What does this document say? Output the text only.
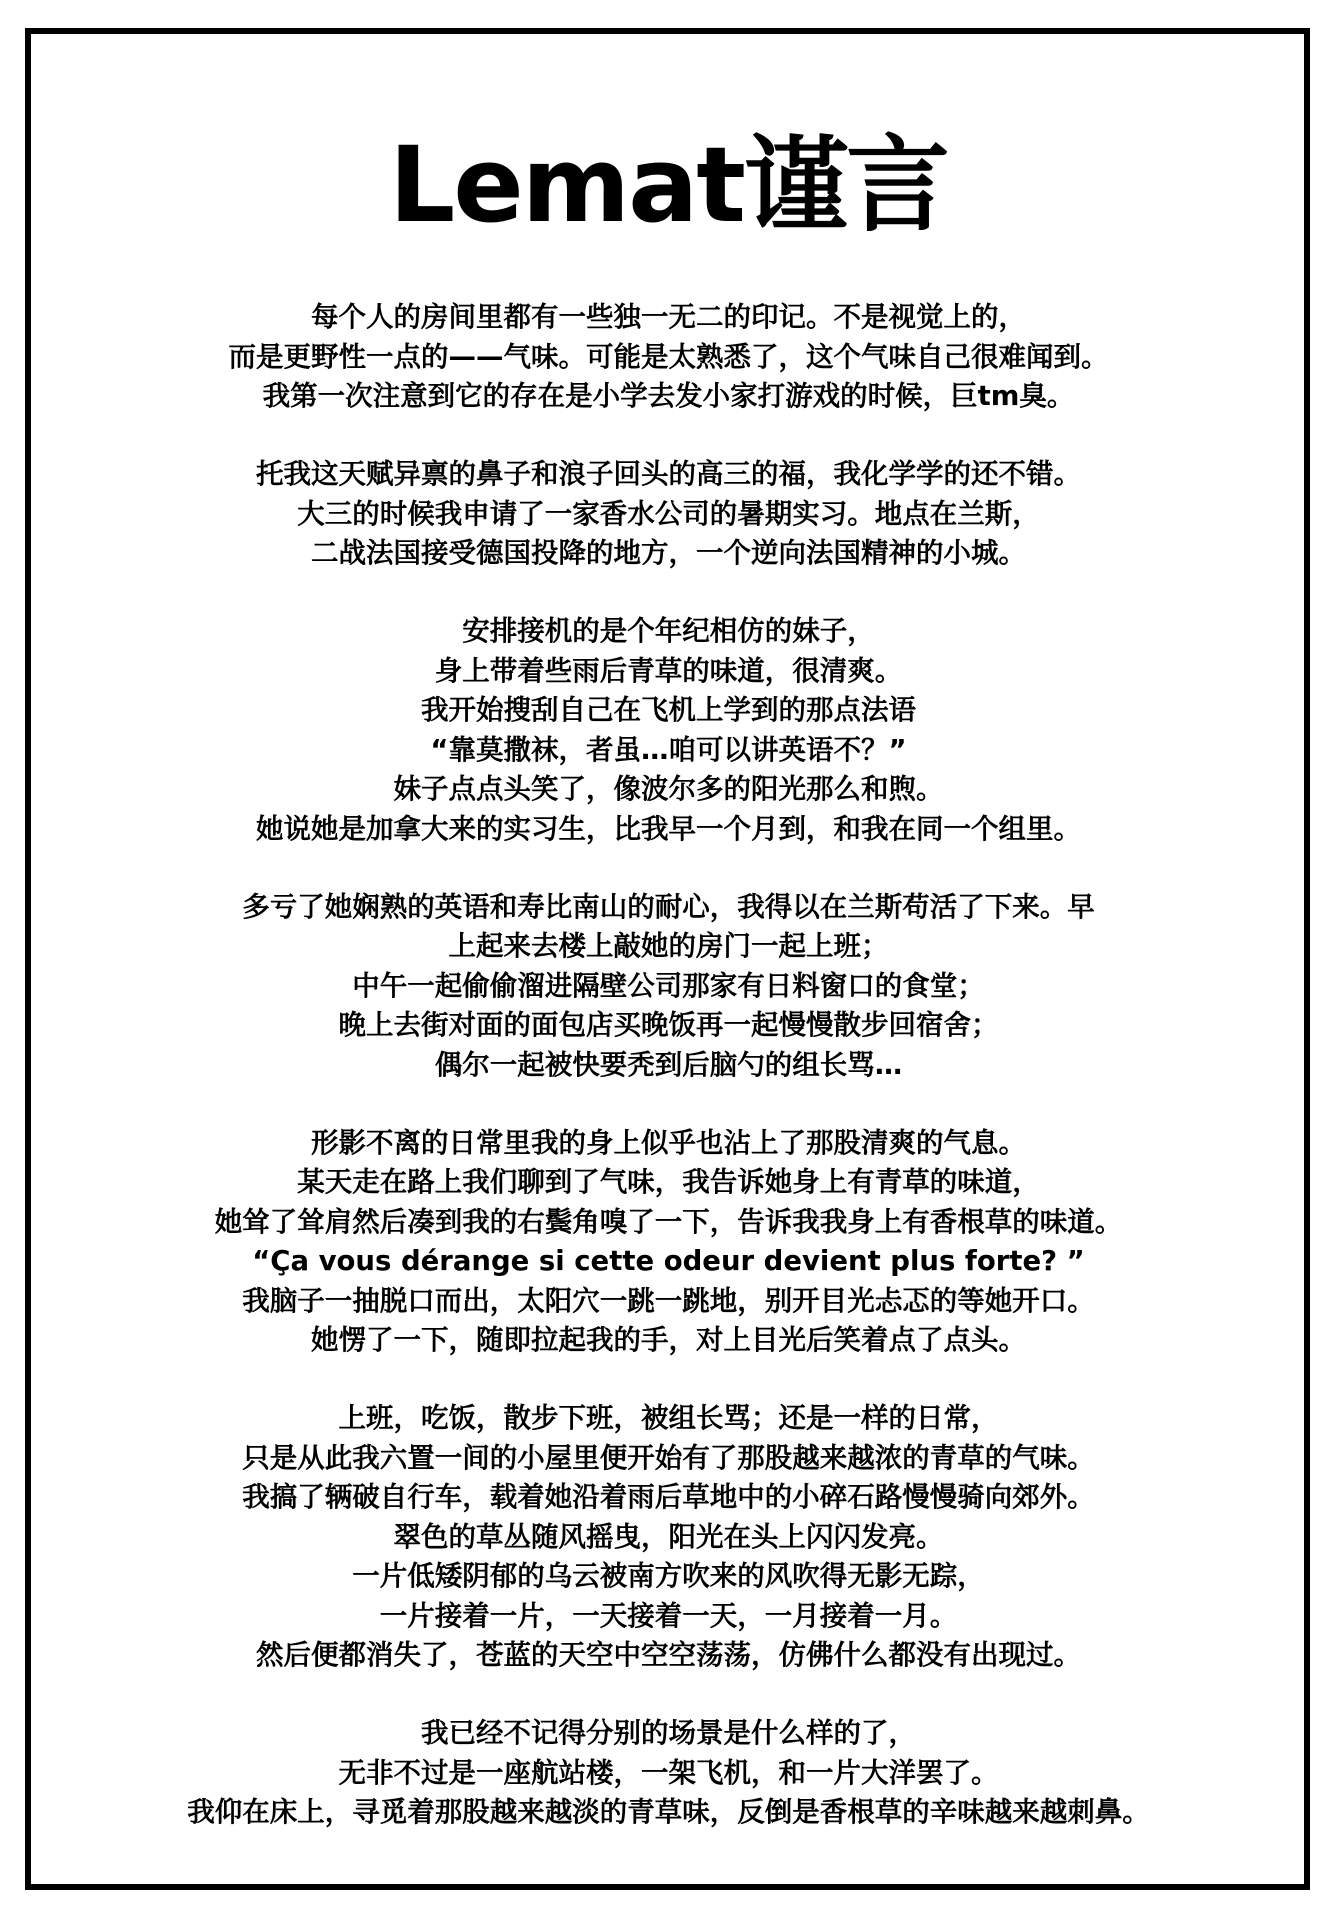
Lemat谨言
每个人的房间里都有一些独一无二的印记。不是视觉上的，
而是更野性一点的——气味。可能是太熟悉了，这个气味自己很难闻到。
我第一次注意到它的存在是小学去发小家打游戏的时候，巨tm臭。
托我这天赋异禀的鼻子和浪子回头的高三的福，我化学学的还不错。
大三的时候我申请了一家香水公司的暑期实习。地点在兰斯，
二战法国接受德国投降的地方，一个逆向法国精神的小城。
安排接机的是个年纪相仿的妹子，
身上带着些雨后青草的味道，很清爽。
我开始搜刮自己在飞机上学到的那点法语
“靠莫撒袜，者虽…咱可以讲英语不？”
妹子点点头笑了，像波尔多的阳光那么和煦。
她说她是加拿大来的实习生，比我早一个月到，和我在同一个组里。
多亏了她娴熟的英语和寿比南山的耐心，我得以在兰斯苟活了下来。早
上起来去楼上敲她的房门一起上班；
中午一起偷偷溜进隔壁公司那家有日料窗口的食堂；
晚上去街对面的面包店买晚饭再一起慢慢散步回宿舍；
偶尔一起被快要秃到后脑勺的组长骂…
形影不离的日常里我的身上似乎也沾上了那股清爽的气息。
某天走在路上我们聊到了气味，我告诉她身上有青草的味道，
她耸了耸肩然后凑到我的右鬓角嗅了一下，告诉我我身上有香根草的味道。
“Ça vous dérange si cette odeur devient plus forte? ”
我脑子一抽脱口而出，太阳穴一跳一跳地，别开目光忐忑的等她开口。
她愣了一下，随即拉起我的手，对上目光后笑着点了点头。
上班，吃饭，散步下班，被组长骂；还是一样的日常，
只是从此我六置一间的小屋里便开始有了那股越来越浓的青草的气味。
我搞了辆破自行车，载着她沿着雨后草地中的小碎石路慢慢骑向郊外。
翠色的草丛随风摇曳，阳光在头上闪闪发亮。
一片低矮阴郁的乌云被南方吹来的风吹得无影无踪，
一片接着一片，一天接着一天，一月接着一月。
然后便都消失了，苍蓝的天空中空空荡荡，仿佛什么都没有出现过。
我已经不记得分别的场景是什么样的了，
无非不过是一座航站楼，一架飞机，和一片大洋罢了。
我仰在床上，寻觅着那股越来越淡的青草味，反倒是香根草的辛味越来越刺鼻。
